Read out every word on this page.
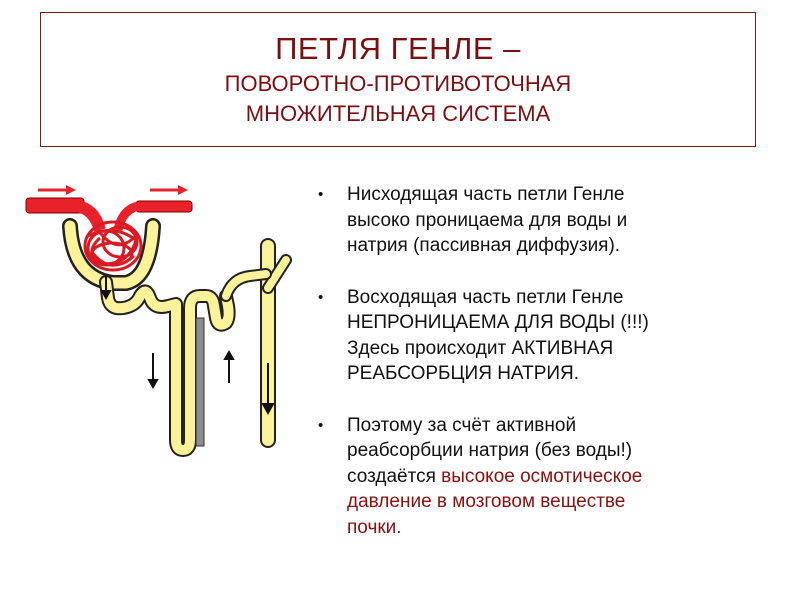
ПЕТЛЯ ГЕНЛЕ –
ПОВОРОТНО-ПРОТИВОТОЧНАЯ
МНОЖИТЕЛЬНАЯ СИСТЕМА
• Нисходящая часть петли Генле
высоко проницаема для воды и
натрия (пассивная диффузия).
• Восходящая часть петли Генле
НЕПРОНИЦАЕМА ДЛЯ ВОДЫ (!!!)
Здесь происходит АКТИВНАЯ
РЕАБСОРБЦИЯ НАТРИЯ.
• Поэтому за счёт активной
реабсорбции натрия (без воды!)
создаётся высокое осмотическое
давление в мозговом веществе
почки.
